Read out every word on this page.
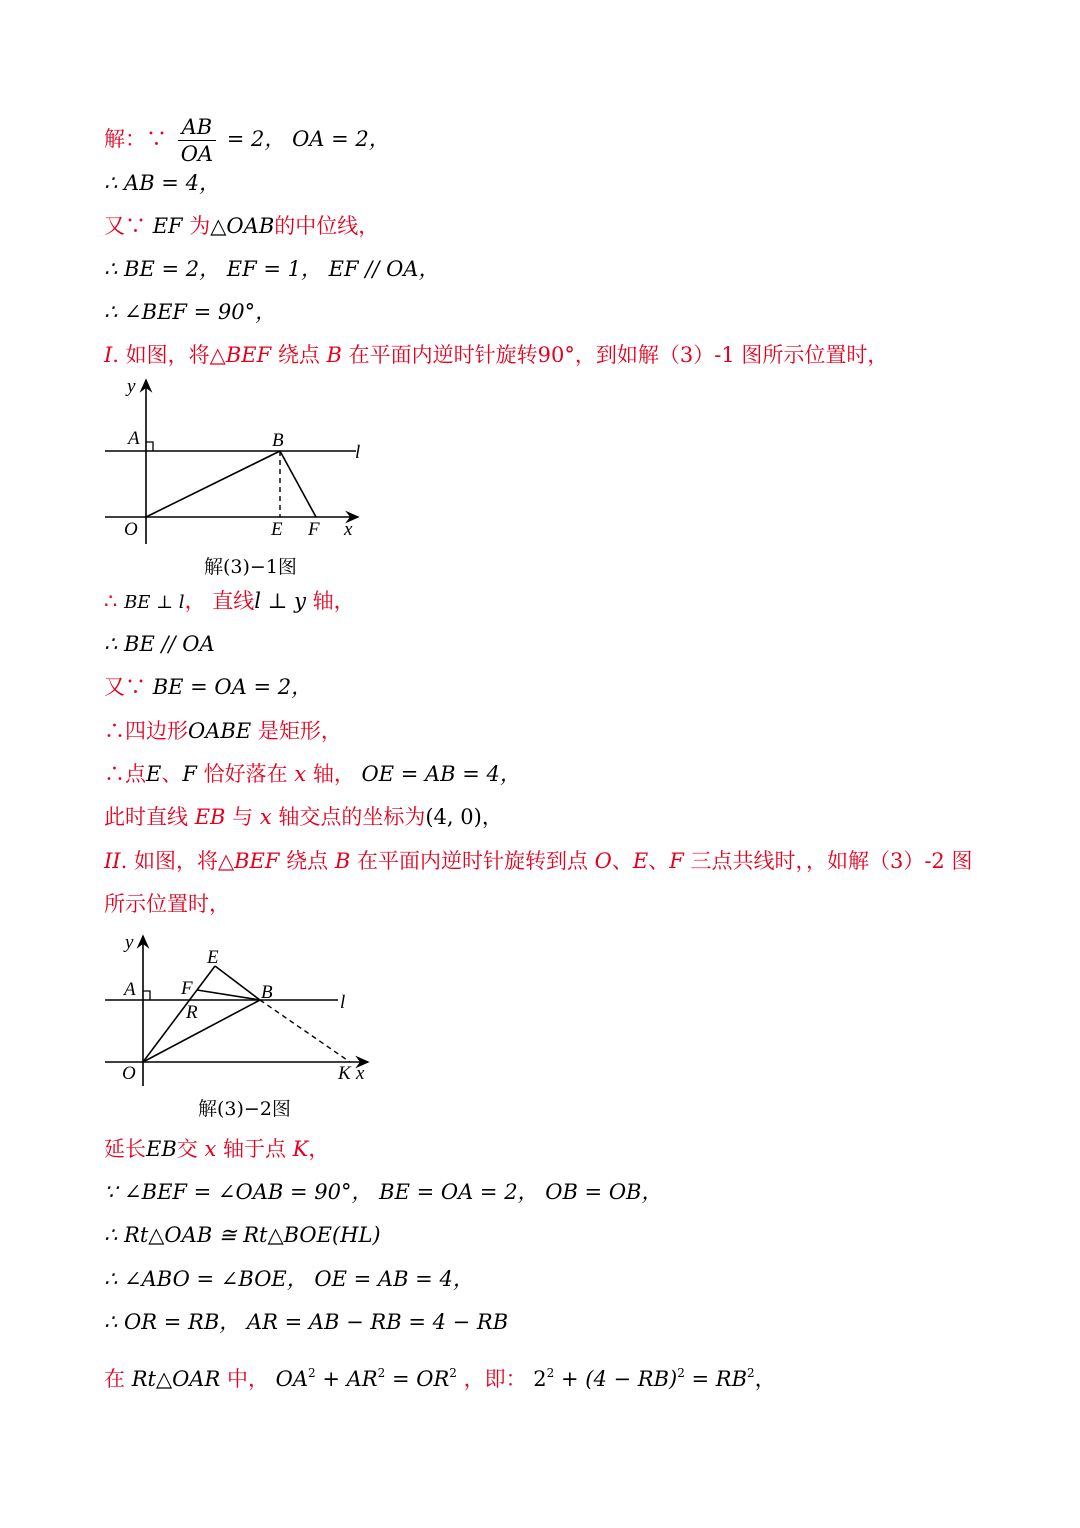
解：∵ $\frac{AB}{OA} = 2$， OA = 2，
∴ AB = 4，
又∵ EF 为△OAB的中位线，
∴ BE = 2， EF = 1， EF // OA，
∴ ∠BEF = 90°，
I. 如图，将△BEF 绕点 B 在平面内逆时针旋转90°，到如解（3）-1 图所示位置时，
y
A	B
l
O	E F x
解(3)−1图
∴ BE ⊥ l， 直线l ⊥ y 轴，
∴ BE // OA
又∵ BE = OA = 2，
∴四边形OABE 是矩形，
∴点E、F 恰好落在 x 轴， OE = AB = 4，
此时直线 EB 与 x 轴交点的坐标为(4, 0)，
II. 如图，将△BEF 绕点 B 在平面内逆时针旋转到点 O、E、F 三点共线时，，如解（3）-2 图
所示位置时，
y
E
A F	B	l
R
O	K x
解(3)−2图
延长EB交 x 轴于点 K，
∵ ∠BEF = ∠OAB = 90°， BE = OA = 2， OB = OB，
∴ Rt△OAB ≅ Rt△BOE(HL)
∴ ∠ABO = ∠BOE， OE = AB = 4，
∴ OR = RB， AR = AB − RB = 4 − RB
在 Rt△OAR 中， $OA^2 + AR^2 = OR^2$ ，即： $2^2 + (4 - RB)^2 = RB^2$，
